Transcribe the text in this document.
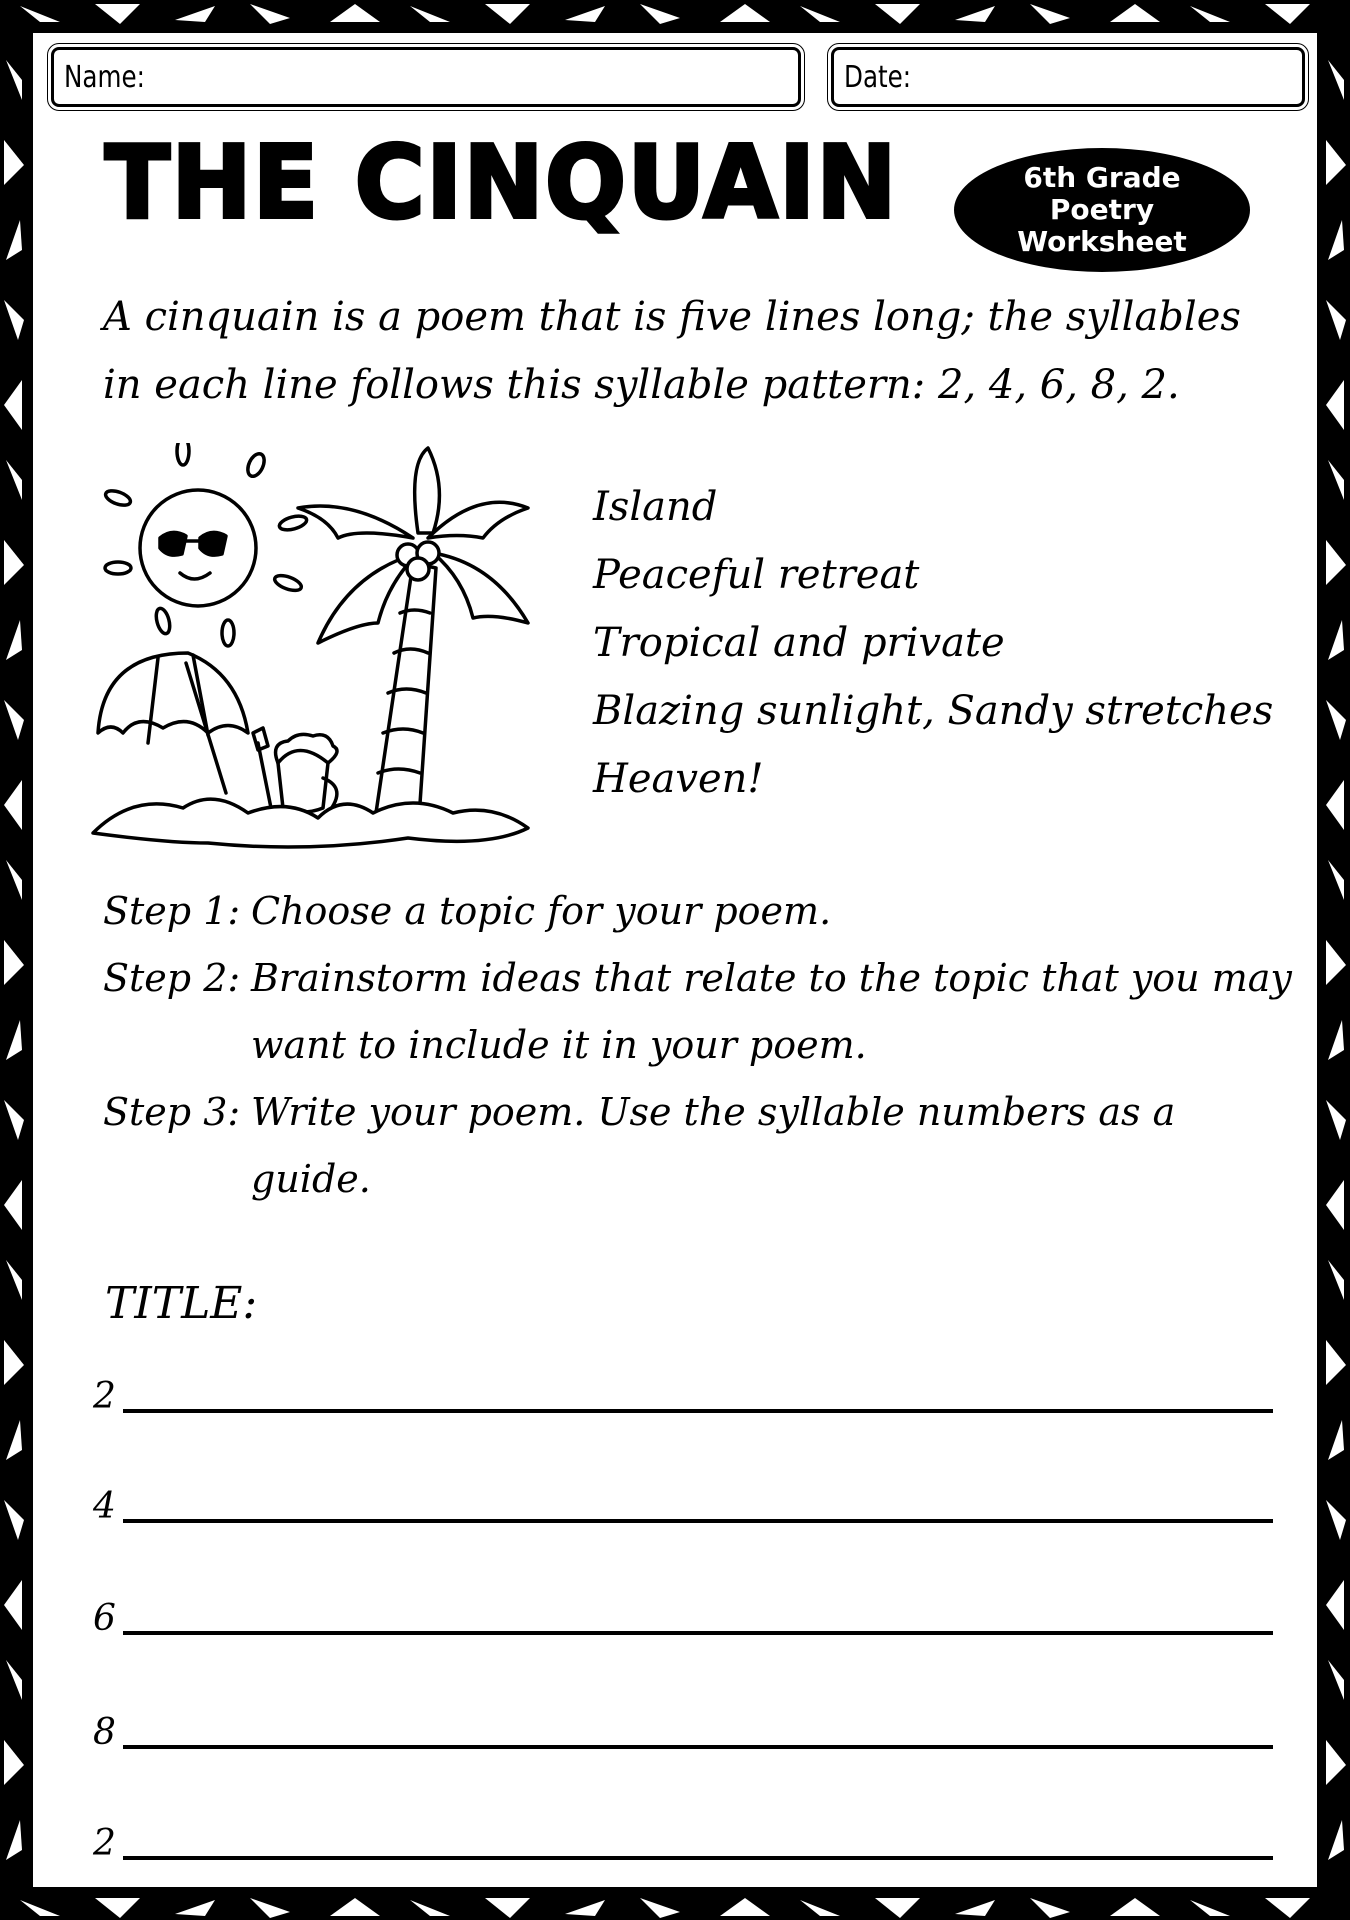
Name:	Date:
THE CINQUAIN	6th Grade
Poetry
Worksheet
A cinquain is a poem that is five lines long; the syllables in each line follows this syllable pattern: 2, 4, 6, 8, 2.
Island
Peaceful retreat
Tropical and private
Blazing sunlight, Sandy stretches
Heaven!
Step 1: Choose a topic for your poem.
Step 2: Brainstorm ideas that relate to the topic that you may want to include it in your poem.
Step 3: Write your poem. Use the syllable numbers as a guide.
TITLE:
2
4
6
8
2
